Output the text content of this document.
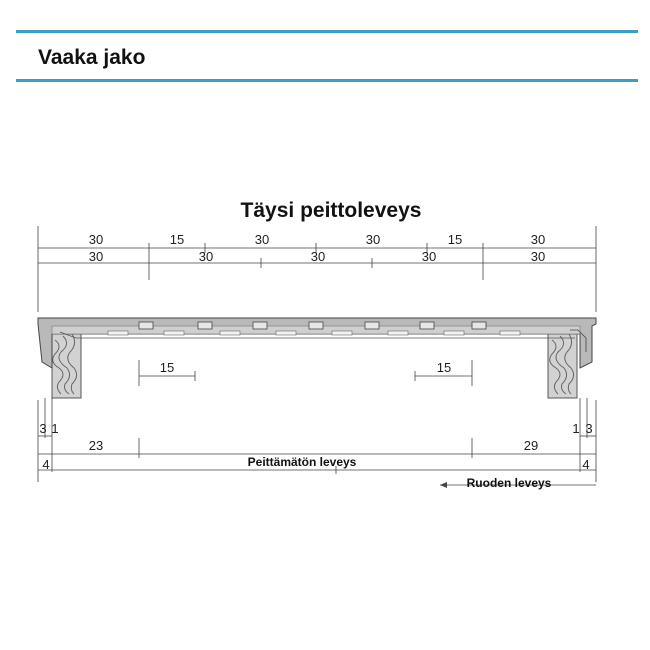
Vaaka jako
Täysi peittoleveys
30	15	30	30	15	30
30	30	30	30	30
15	15
3 1	1 3
23	29
4	4
Peittämätön leveys
Ruoden leveys
